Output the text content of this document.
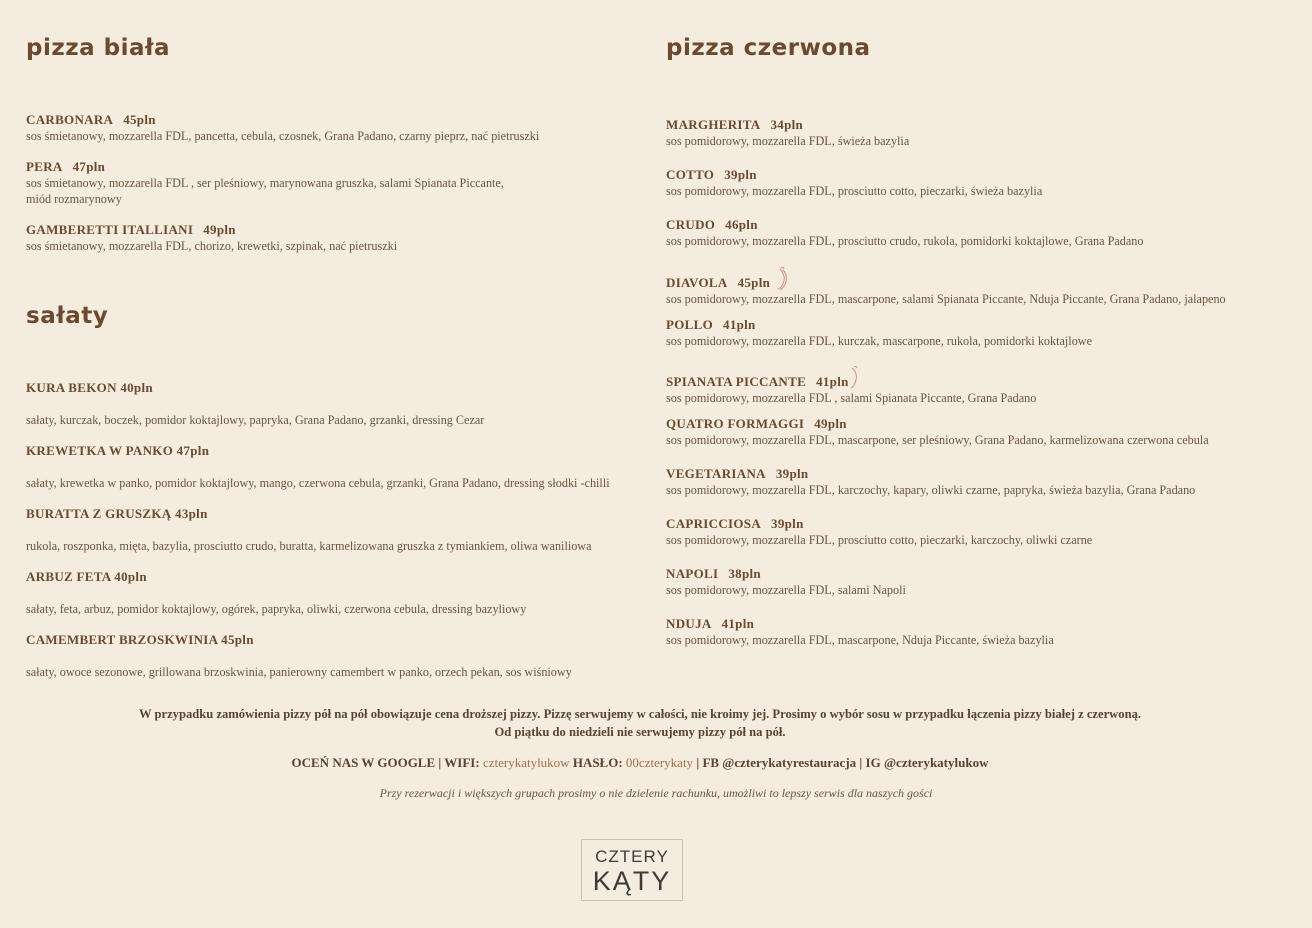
pizza biała
CARBONARA 45pln
sos śmietanowy, mozzarella FDL, pancetta, cebula, czosnek, Grana Padano, czarny pieprz, nać pietruszki
PERA 47pln
sos śmietanowy, mozzarella FDL , ser pleśniowy, marynowana gruszka, salami Spianata Piccante,
miód rozmarynowy
GAMBERETTI ITALLIANI 49pln
sos śmietanowy, mozzarella FDL, chorizo, krewetki, szpinak, nać pietruszki
sałaty
KURA BEKON 40pln
sałaty, kurczak, boczek, pomidor koktajlowy, papryka, Grana Padano, grzanki, dressing Cezar
KREWETKA W PANKO 47pln
sałaty, krewetka w panko, pomidor koktajlowy, mango, czerwona cebula, grzanki, Grana Padano, dressing słodki -chilli
BURATTA Z GRUSZKĄ 43pln
rukola, roszponka, mięta, bazylia, prosciutto crudo, buratta, karmelizowana gruszka z tymiankiem, oliwa waniliowa
ARBUZ FETA 40pln
sałaty, feta, arbuz, pomidor koktajlowy, ogórek, papryka, oliwki, czerwona cebula, dressing bazyliowy
CAMEMBERT BRZOSKWINIA 45pln
sałaty, owoce sezonowe, grillowana brzoskwinia, panierowny camembert w panko, orzech pekan, sos wiśniowy
pizza czerwona
MARGHERITA 34pln
sos pomidorowy, mozzarella FDL, świeża bazylia
COTTO 39pln
sos pomidorowy, mozzarella FDL, prosciutto cotto, pieczarki, świeża bazylia
CRUDO 46pln
sos pomidorowy, mozzarella FDL, prosciutto crudo, rukola, pomidorki koktajlowe, Grana Padano
DIAVOLA 45pln
sos pomidorowy, mozzarella FDL, mascarpone, salami Spianata Piccante, Nduja Piccante, Grana Padano, jalapeno
POLLO 41pln
sos pomidorowy, mozzarella FDL, kurczak, mascarpone, rukola, pomidorki koktajlowe
SPIANATA PICCANTE 41pln
sos pomidorowy, mozzarella FDL , salami Spianata Piccante, Grana Padano
QUATRO FORMAGGI 49pln
sos pomidorowy, mozzarella FDL, mascarpone, ser pleśniowy, Grana Padano, karmelizowana czerwona cebula
VEGETARIANA 39pln
sos pomidorowy, mozzarella FDL, karczochy, kapary, oliwki czarne, papryka, świeża bazylia, Grana Padano
CAPRICCIOSA 39pln
sos pomidorowy, mozzarella FDL, prosciutto cotto, pieczarki, karczochy, oliwki czarne
NAPOLI 38pln
sos pomidorowy, mozzarella FDL, salami Napoli
NDUJA 41pln
sos pomidorowy, mozzarella FDL, mascarpone, Nduja Piccante, świeża bazylia
W przypadku zamówienia pizzy pół na pół obowiązuje cena droższej pizzy. Pizzę serwujemy w całości, nie kroimy jej. Prosimy o wybór sosu w przypadku łączenia pizzy białej z czerwoną.
Od piątku do niedzieli nie serwujemy pizzy pół na pół.
OCEŃ NAS W GOOGLE | WIFI: czterykatylukow HASŁO: 00czterykaty | FB @czterykatyrestauracja | IG @czterykatylukow
Przy rezerwacji i większych grupach prosimy o nie dzielenie rachunku, umożliwi to lepszy serwis dla naszych gości
CZTERY
KĄTY
